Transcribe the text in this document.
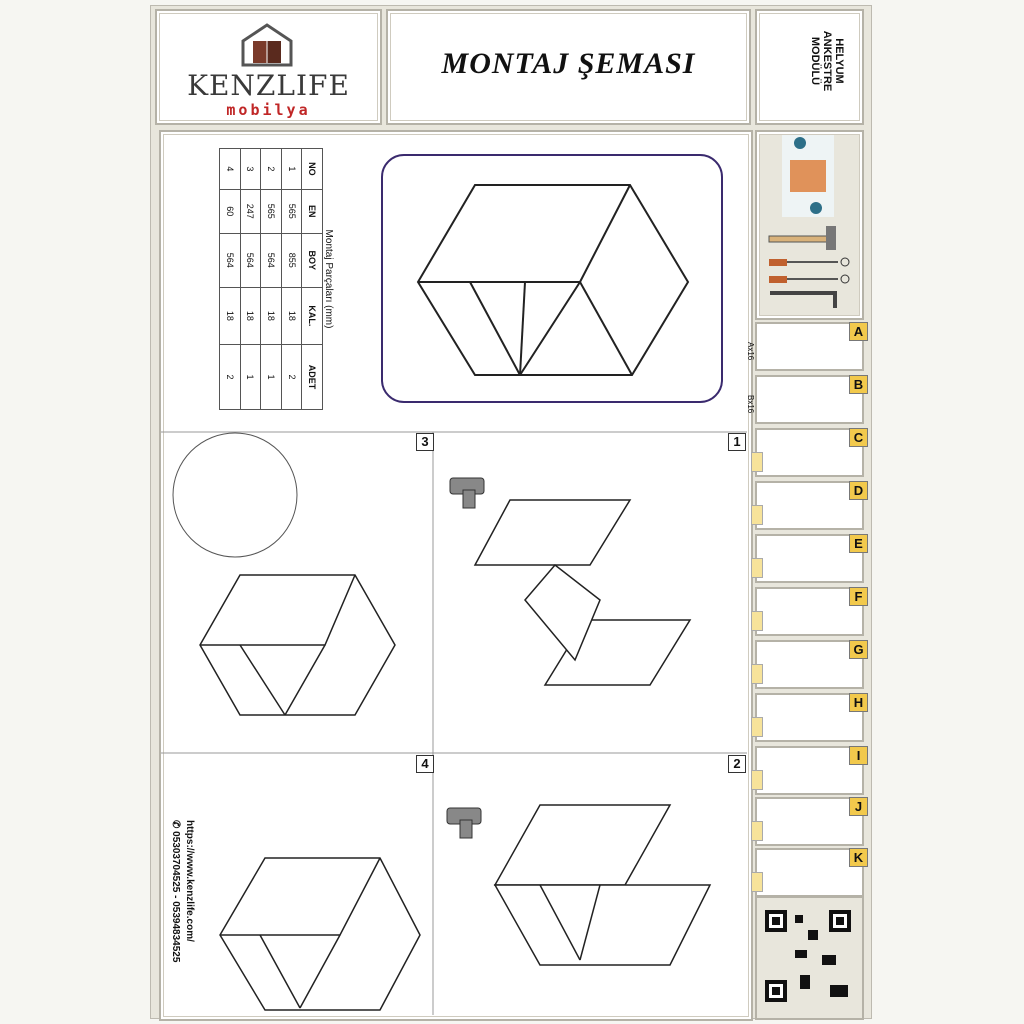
KENZLIFE
mobilya
MONTAJ ŞEMASI	HELYUM
ANKESTRE
MODÜLÜ
Montaj Parçaları (mm)
NO	EN	BOY	KAL.	ADET
1	565	855	18	2
2	565	564	18	1
3	247	564	18	1
4	60	564	18	2
1
2
3
4
A
Ax16
B
Bx16
C
D
E
F
G
H
I
J
K
https://www.kenzlife.com/
✆ 05303704525 - 05394834525
